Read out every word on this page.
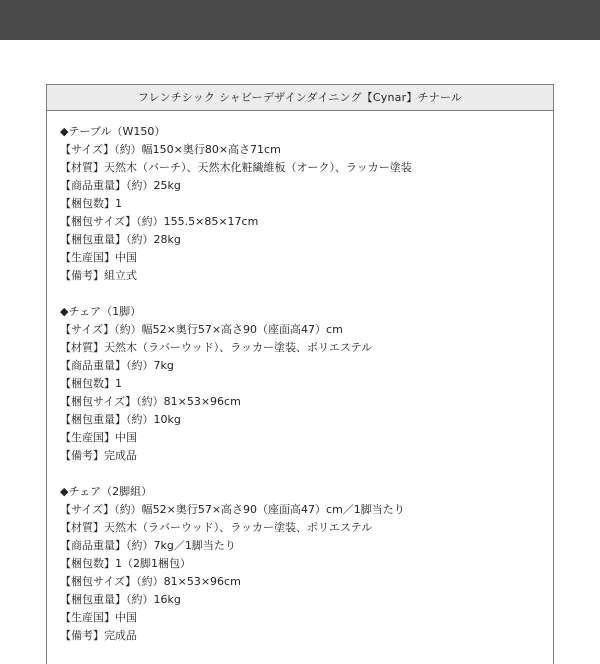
フレンチシック シャビーデザインダイニング【Cynar】チナール
◆テーブル（W150）
【サイズ】（約）幅150×奥行80×高さ71cm
【材質】天然木（バーチ）、天然木化粧繊維板（オーク）、ラッカー塗装
【商品重量】（約）25kg
【梱包数】1
【梱包サイズ】（約）155.5×85×17cm
【梱包重量】（約）28kg
【生産国】中国
【備考】組立式
◆チェア（1脚）
【サイズ】（約）幅52×奥行57×高さ90（座面高47）cm
【材質】天然木（ラバーウッド）、ラッカー塗装、ポリエステル
【商品重量】（約）7kg
【梱包数】1
【梱包サイズ】（約）81×53×96cm
【梱包重量】（約）10kg
【生産国】中国
【備考】完成品
◆チェア（2脚組）
【サイズ】（約）幅52×奥行57×高さ90（座面高47）cm／1脚当たり
【材質】天然木（ラバーウッド）、ラッカー塗装、ポリエステル
【商品重量】（約）7kg／1脚当たり
【梱包数】1（2脚1梱包）
【梱包サイズ】（約）81×53×96cm
【梱包重量】（約）16kg
【生産国】中国
【備考】完成品
